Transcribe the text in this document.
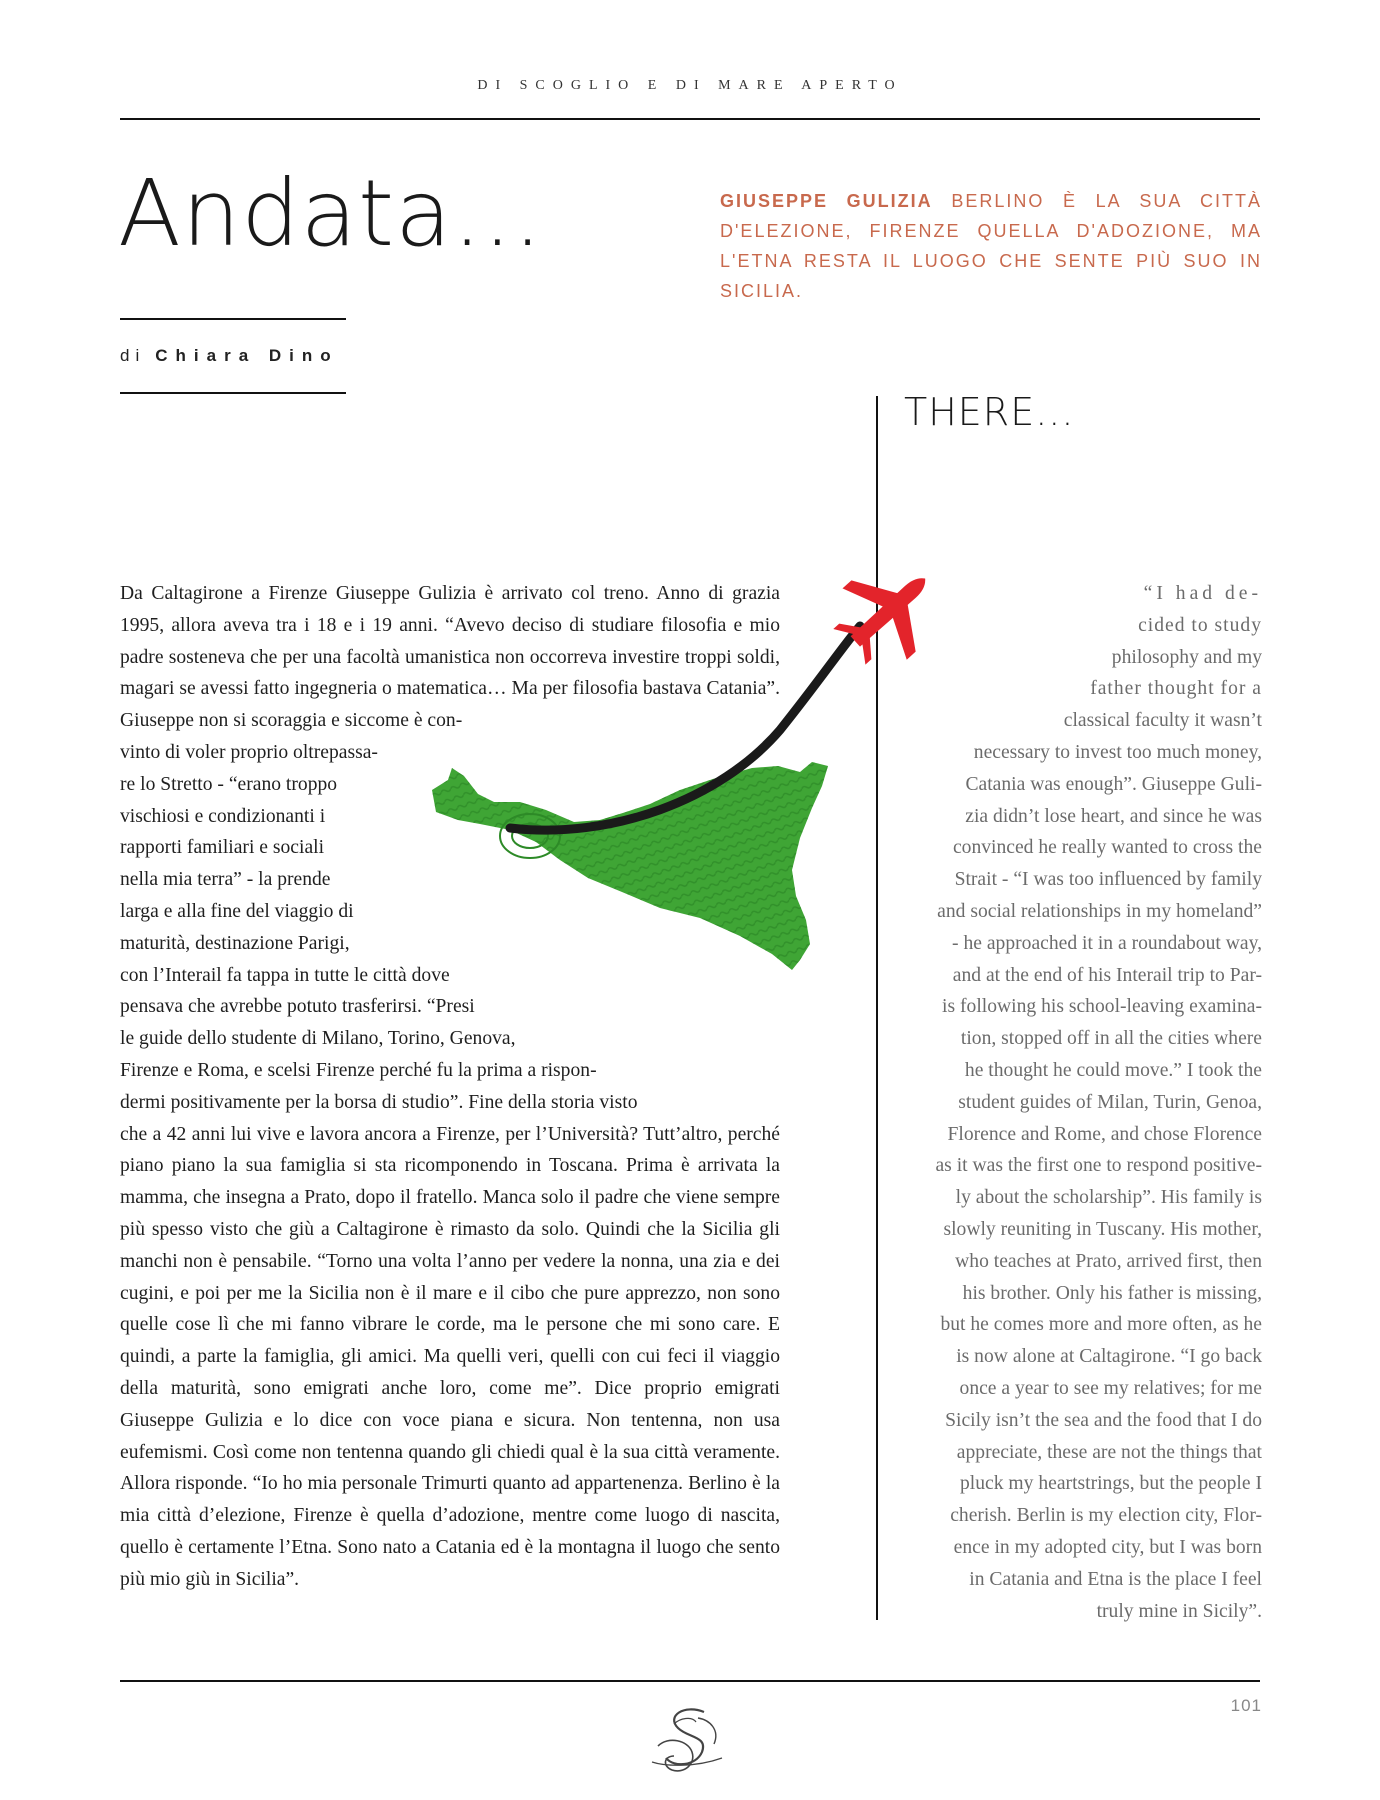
DI SCOGLIO E DI MARE APERTO
Andata...	GIUSEPPE GULIZIA BERLINO È LA SUA CITTÀ D'ELEZIONE, FIRENZE QUELLA D'ADOZIONE, MA L'ETNA RESTA IL LUOGO CHE SENTE PIÙ SUO IN SICILIA.

di Chiara Dino
THERE...

Da Caltagirone a Firenze Giuseppe Gulizia è arrivato col treno. Anno di grazia 1995, allora aveva tra i 18 e i 19 anni. “Avevo deciso di studiare filosofia e mio padre sosteneva che per una facoltà umanistica non occorreva investire troppi soldi, magari se avessi fatto ingegneria o matematica… Ma per filosofia bastava Catania”. Giuseppe non si scoraggia e siccome è con-

vinto di voler proprio oltrepassa-

re lo Stretto - “erano troppo

vischiosi e condizionanti i

rapporti familiari e sociali

nella mia terra” - la prende

larga e alla fine del viaggio di

maturità, destinazione Parigi,

con l’Interail fa tappa in tutte le città dove

pensava che avrebbe potuto trasferirsi. “Presi

le guide dello studente di Milano, Torino, Genova,

Firenze e Roma, e scelsi Firenze perché fu la prima a rispon-

dermi positivamente per la borsa di studio”. Fine della storia visto

che a 42 anni lui vive e lavora ancora a Firenze, per l’Università? Tutt’altro, perché piano piano la sua famiglia si sta ricomponendo in Toscana. Prima è arrivata la mamma, che insegna a Prato, dopo il fratello. Manca solo il padre che viene sempre più spesso visto che giù a Caltagirone è rimasto da solo. Quindi che la Sicilia gli manchi non è pensabile. “Torno una volta l’anno per vedere la nonna, una zia e dei cugini, e poi per me la Sicilia non è il mare e il cibo che pure apprezzo, non sono quelle cose lì che mi fanno vibrare le corde, ma le persone che mi sono care. E quindi, a parte la famiglia, gli amici. Ma quelli veri, quelli con cui feci il viaggio della maturità, sono emigrati anche loro, come me”. Dice proprio emigrati Giuseppe Gulizia e lo dice con voce piana e sicura. Non tentenna, non usa eufemismi. Così come non tentenna quando gli chiedi qual è la sua città veramente. Allora risponde. “Io ho mia personale Trimurti quanto ad appartenenza. Berlino è la mia città d’elezione, Firenze è quella d’adozione, mentre come luogo di nascita, quello è certamente l’Etna. Sono nato a Catania ed è la montagna il luogo che sento più mio giù in Sicilia”.

“I had de-

cided to study

philosophy and my

father thought for a

classical faculty it wasn’t

necessary to invest too much money,

Catania was enough”. Giuseppe Guli-

zia didn’t lose heart, and since he was

convinced he really wanted to cross the

Strait - “I was too influenced by family

and social relationships in my homeland”

- he approached it in a roundabout way,

and at the end of his Interail trip to Par-

is following his school-leaving examina-

tion, stopped off in all the cities where

he thought he could move.” I took the

student guides of Milan, Turin, Genoa,

Florence and Rome, and chose Florence

as it was the first one to respond positive-

ly about the scholarship”. His family is

slowly reuniting in Tuscany. His mother,

who teaches at Prato, arrived first, then

his brother. Only his father is missing,

but he comes more and more often, as he

is now alone at Caltagirone. “I go back

once a year to see my relatives; for me

Sicily isn’t the sea and the food that I do

appreciate, these are not the things that

pluck my heartstrings, but the people I

cherish. Berlin is my election city, Flor-

ence in my adopted city, but I was born

in Catania and Etna is the place I feel

truly mine in Sicily”.

101
